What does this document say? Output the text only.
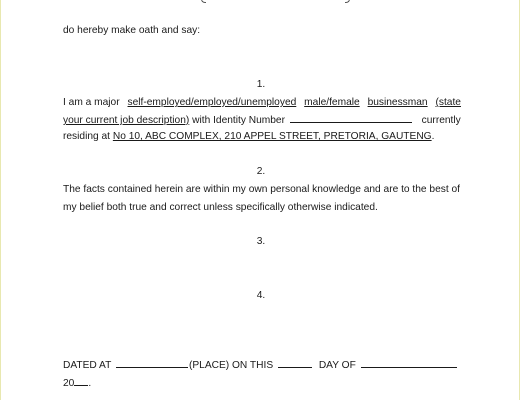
do hereby make oath and say:
1.
I am a major self-employed/employed/unemployed male/female businessman (state
your current job description) with Identity Number	currently
residing at No 10, ABC COMPLEX, 210 APPEL STREET, PRETORIA, GAUTENG.
2.
The facts contained herein are within my own personal knowledge and are to the best of
my belief both true and correct unless specifically otherwise indicated.
3.
4.
DATED AT	(PLACE) ON THIS	DAY OF
20 .
